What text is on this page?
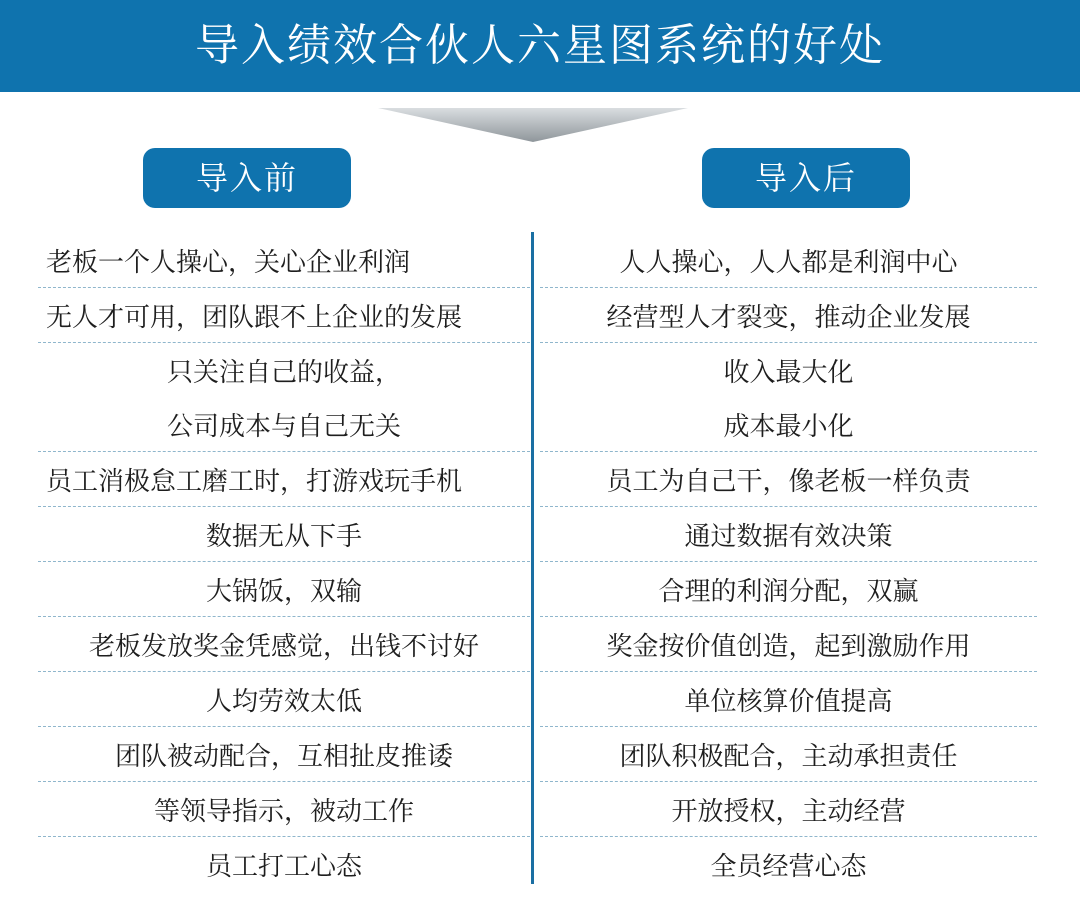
导入绩效合伙人六星图系统的好处
导入前	导入后
老板一个人操心，关心企业利润
无人才可用，团队跟不上企业的发展
只关注自己的收益，
公司成本与自己无关
员工消极怠工磨工时，打游戏玩手机
数据无从下手
大锅饭，双输
老板发放奖金凭感觉，出钱不讨好
人均劳效太低
团队被动配合，互相扯皮推诿
等领导指示，被动工作
员工打工心态
人人操心，人人都是利润中心
经营型人才裂变，推动企业发展
收入最大化
成本最小化
员工为自己干，像老板一样负责
通过数据有效决策
合理的利润分配，双赢
奖金按价值创造，起到激励作用
单位核算价值提高
团队积极配合，主动承担责任
开放授权，主动经营
全员经营心态
